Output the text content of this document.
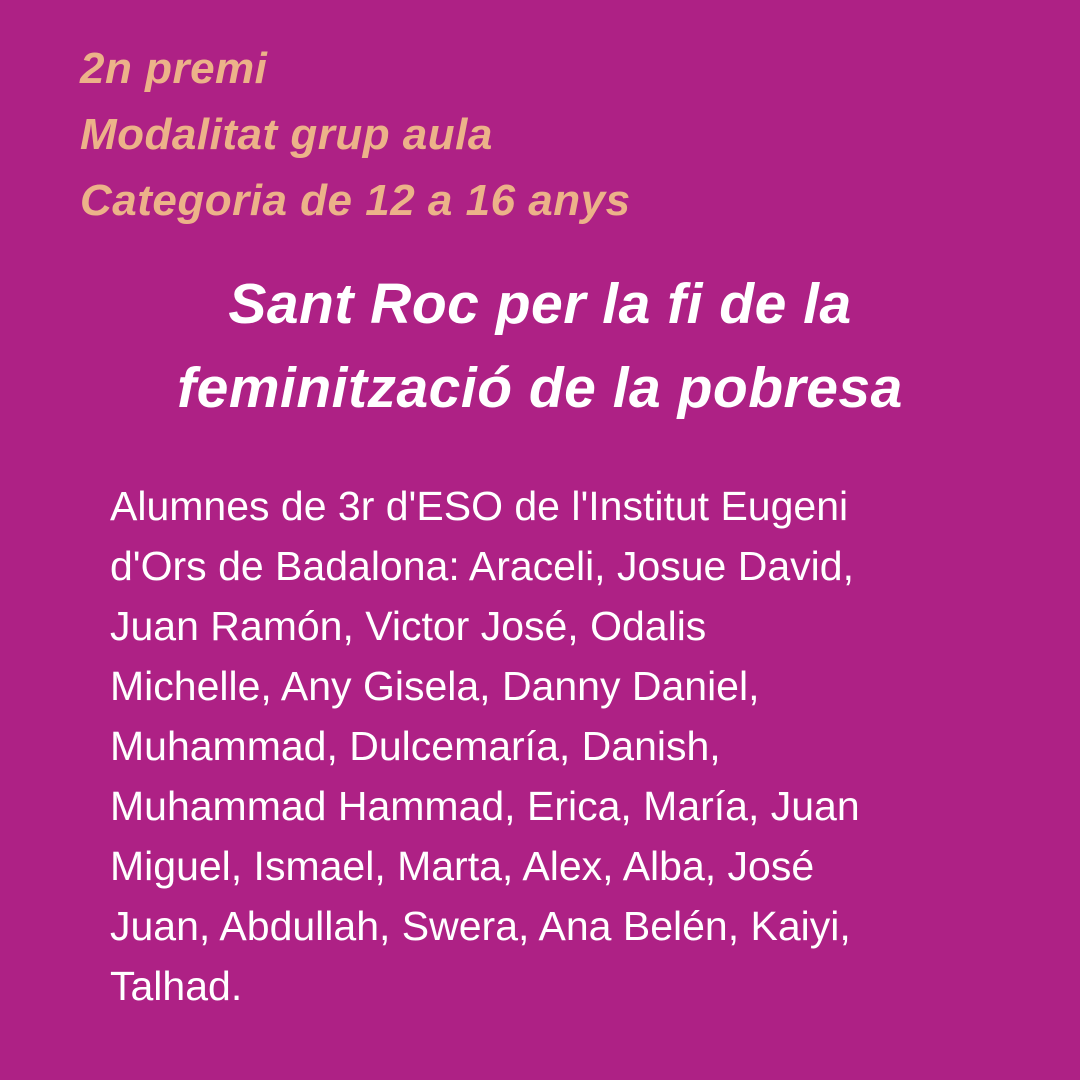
2n premi
Modalitat grup aula
Categoria de 12 a 16 anys
Sant Roc per la fi de la
feminització de la pobresa
Alumnes de 3r d'ESO de l'Institut Eugeni
d'Ors de Badalona: Araceli, Josue David,
Juan Ramón, Victor José, Odalis
Michelle, Any Gisela, Danny Daniel,
Muhammad, Dulcemaría, Danish,
Muhammad Hammad, Erica, María, Juan
Miguel, Ismael, Marta, Alex, Alba, José
Juan, Abdullah, Swera, Ana Belén, Kaiyi,
Talhad.
